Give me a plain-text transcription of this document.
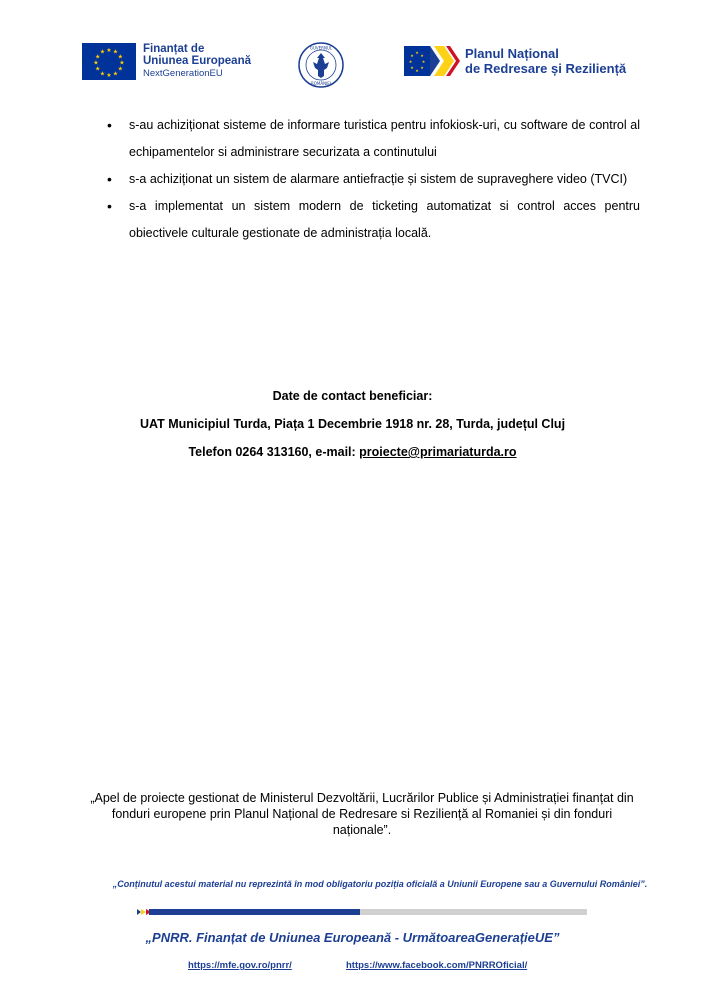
★ ★
★
★
★
★
★
★
★
★
★
★	Finanțat de
Uniunea Europeană
NextGenerationEU
GUVERNUL
ROMÂNIEI
★
★
★
★
★
★
★
★	Planul Național
de Redresare și Reziliență
• s-au achiziționat sisteme de informare turistica pentru infokiosk-uri, cu software de control al echipamentelor si administrare securizata a continutului
• s-a achiziționat un sistem de alarmare antiefracție și sistem de supraveghere video (TVCI)
• s-a implementat un sistem modern de ticketing automatizat si control acces pentru obiectivele culturale gestionate de administrația locală.
Date de contact beneficiar:
UAT Municipiul Turda, Piața 1 Decembrie 1918 nr. 28, Turda, județul Cluj
Telefon 0264 313160, e-mail: proiecte@primariaturda.ro
„Apel de proiecte gestionat de Ministerul Dezvoltării, Lucrărilor Publice și Administrației finanțat din fonduri europene prin Planul Național de Redresare si Reziliență al Romaniei și din fonduri naționale”.
„Conținutul acestui material nu reprezintă în mod obligatoriu poziția oficială a Uniunii Europene sau a Guvernului României”.
„PNRR. Finanțat de Uniunea Europeană - UrmătoareaGenerațieUE”
https://mfe.gov.ro/pnrr/	https://www.facebook.com/PNRROficial/
